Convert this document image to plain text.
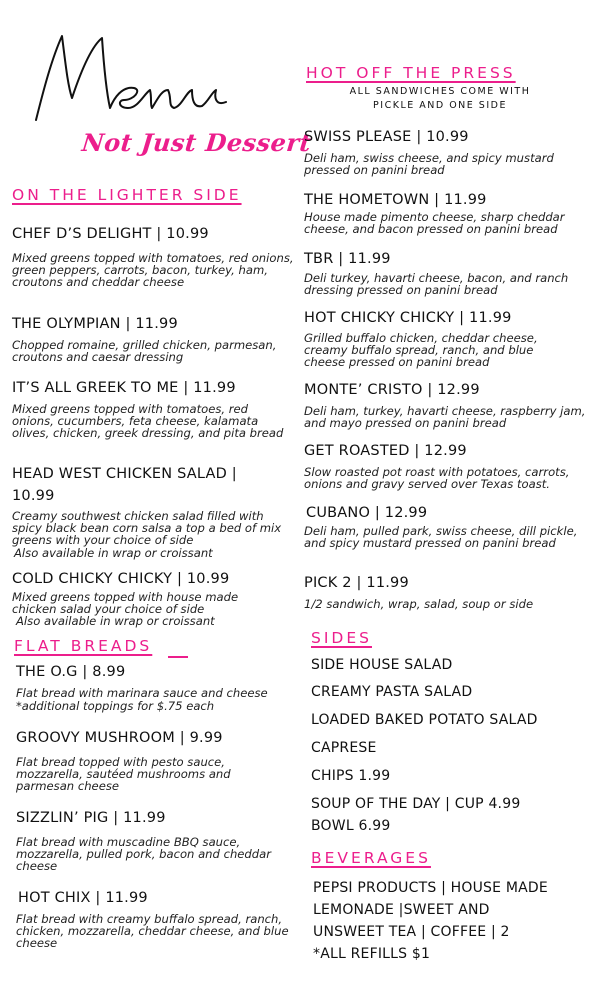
Not Just Dessert
ON THE LIGHTER SIDE
CHEF D’S DELIGHT | 10.99
Mixed greens topped with tomatoes, red onions, green peppers, carrots, bacon, turkey, ham, croutons and cheddar cheese
THE OLYMPIAN | 11.99
Chopped romaine, grilled chicken, parmesan, croutons and caesar dressing
IT’S ALL GREEK TO ME | 11.99
Mixed greens topped with tomatoes, red onions, cucumbers, feta cheese, kalamata olives, chicken, greek dressing, and pita bread
HEAD WEST CHICKEN SALAD |
10.99
Creamy southwest chicken salad filled with spicy black bean corn salsa a top a bed of mix greens with your choice of side
Also available in wrap or croissant
COLD CHICKY CHICKY | 10.99
Mixed greens topped with house made chicken salad your choice of side
Also available in wrap or croissant
FLAT BREADS
THE O.G | 8.99
Flat bread with marinara sauce and cheese
*additional toppings for $.75 each
GROOVY MUSHROOM | 9.99
Flat bread topped with pesto sauce, mozzarella, sautéed mushrooms and parmesan cheese
SIZZLIN’ PIG | 11.99
Flat bread with muscadine BBQ sauce, mozzarella, pulled pork, bacon and cheddar cheese
HOT CHIX | 11.99
Flat bread with creamy buffalo spread, ranch, chicken, mozzarella, cheddar cheese, and blue cheese
HOT OFF THE PRESS
ALL SANDWICHES COME WITH
PICKLE AND ONE SIDE
SWISS PLEASE | 10.99
Deli ham, swiss cheese, and spicy mustard pressed on panini bread
THE HOMETOWN | 11.99
House made pimento cheese, sharp cheddar cheese, and bacon pressed on panini bread
TBR | 11.99
Deli turkey, havarti cheese, bacon, and ranch dressing pressed on panini bread
HOT CHICKY CHICKY | 11.99
Grilled buffalo chicken, cheddar cheese, creamy buffalo spread, ranch, and blue cheese pressed on panini bread
MONTE’ CRISTO | 12.99
Deli ham, turkey, havarti cheese, raspberry jam, and mayo pressed on panini bread
GET ROASTED | 12.99
Slow roasted pot roast with potatoes, carrots, onions and gravy served over Texas toast.
CUBANO | 12.99
Deli ham, pulled park, swiss cheese, dill pickle, and spicy mustard pressed on panini bread
PICK 2 | 11.99
1/2 sandwich, wrap, salad, soup or side
SIDES
SIDE HOUSE SALAD
CREAMY PASTA SALAD
LOADED BAKED POTATO SALAD
CAPRESE
CHIPS 1.99
SOUP OF THE DAY | CUP 4.99
BOWL 6.99
BEVERAGES
PEPSI PRODUCTS | HOUSE MADE
LEMONADE |SWEET AND
UNSWEET TEA | COFFEE | 2
*ALL REFILLS $1
